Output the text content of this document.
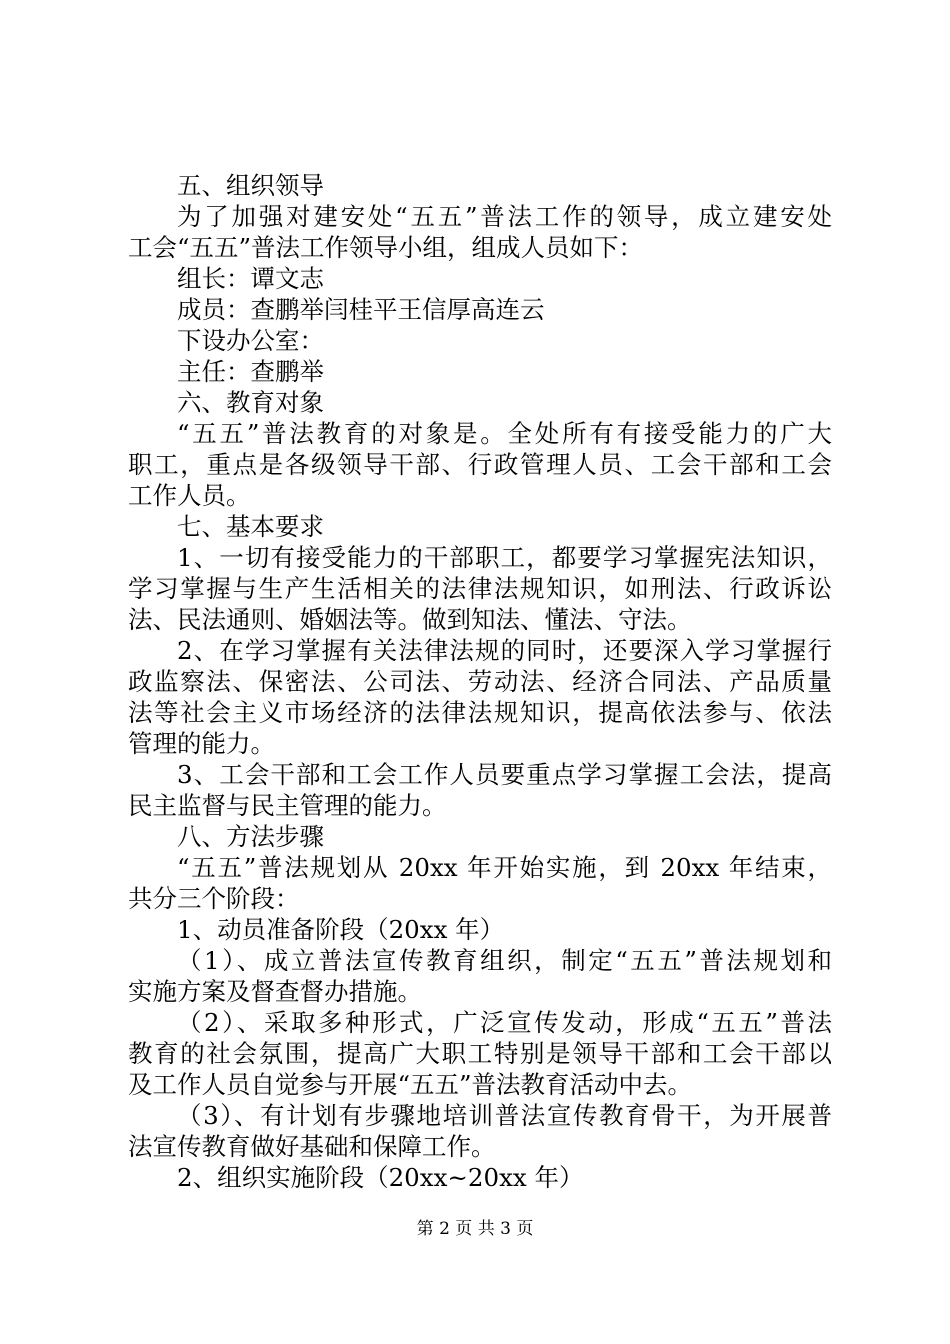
五、组织领导
为了加强对建安处“五五”普法工作的领导，成立建安处
工会“五五”普法工作领导小组，组成人员如下：
组长：谭文志
成员：查鹏举闫桂平王信厚高连云
下设办公室：
主任：查鹏举
六、教育对象
“五五”普法教育的对象是。全处所有有接受能力的广大
职工，重点是各级领导干部、行政管理人员、工会干部和工会
工作人员。
七、基本要求
1、一切有接受能力的干部职工，都要学习掌握宪法知识，
学习掌握与生产生活相关的法律法规知识，如刑法、行政诉讼
法、民法通则、婚姻法等。做到知法、懂法、守法。
2、在学习掌握有关法律法规的同时，还要深入学习掌握行
政监察法、保密法、公司法、劳动法、经济合同法、产品质量
法等社会主义市场经济的法律法规知识，提高依法参与、依法
管理的能力。
3、工会干部和工会工作人员要重点学习掌握工会法，提高
民主监督与民主管理的能力。
八、方法步骤
“五五”普法规划从 20xx 年开始实施，到 20xx 年结束，
共分三个阶段：
1、动员准备阶段（20xx 年）
（1）、成立普法宣传教育组织，制定“五五”普法规划和
实施方案及督查督办措施。
（2）、采取多种形式，广泛宣传发动，形成“五五”普法
教育的社会氛围，提高广大职工特别是领导干部和工会干部以
及工作人员自觉参与开展“五五”普法教育活动中去。
（3）、有计划有步骤地培训普法宣传教育骨干，为开展普
法宣传教育做好基础和保障工作。
2、组织实施阶段（20xx~20xx 年）
第 2 页 共 3 页
